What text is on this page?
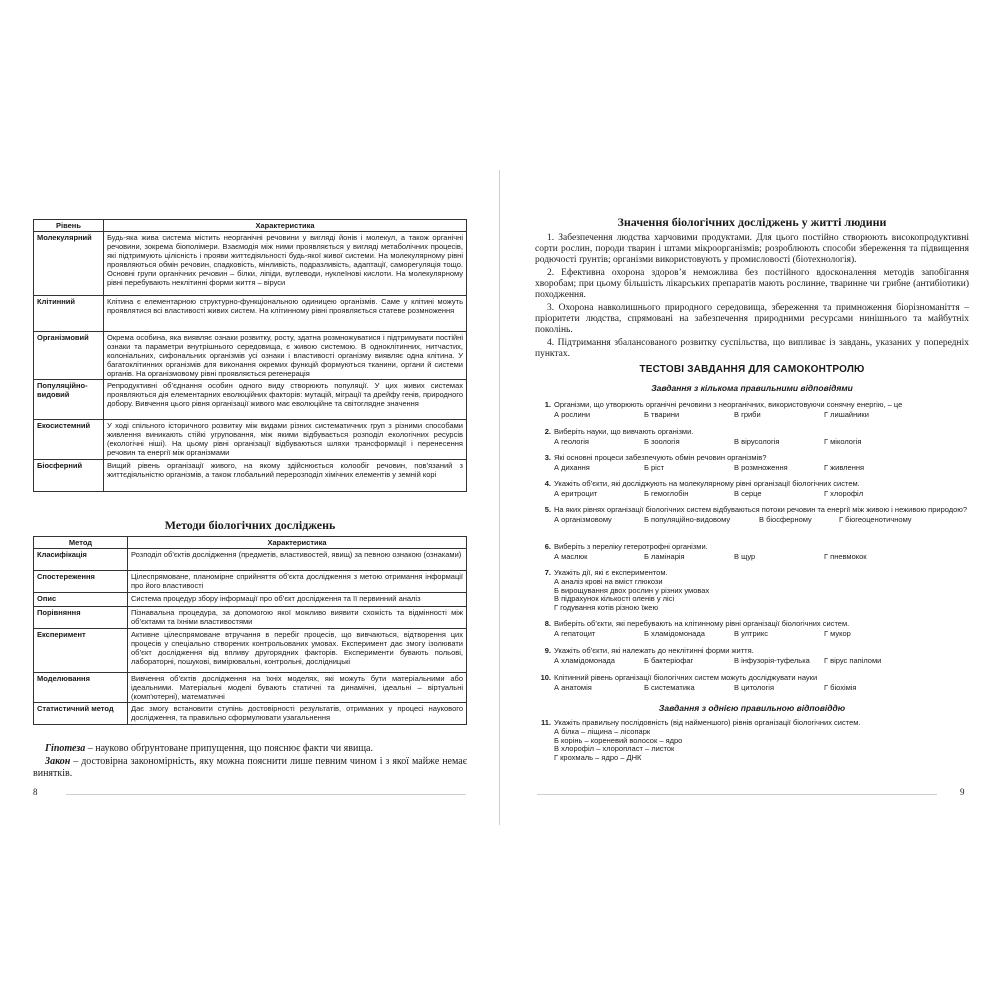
Рівень	Характеристика
Молекулярний	Будь-яка жива система містить неорганічні речовини у вигляді йонів і молекул, а також органічні речовини, зокрема біополімери. Взаємодія між ними проявляється у вигляді метаболічних процесів, які підтримують цілісність і прояви життєдіяльності будь-якої живої системи. На молекулярному рівні проявляються обмін речовин, спадковість, мінливість, подразливість, адаптації, саморегуляція тощо. Основні групи органічних речовин – білки, ліпіди, вуглеводи, нуклеїнові кислоти. На молекулярному рівні перебувають неклітинні форми життя – віруси
Клітинний	Клітина є елементарною структурно-функціональною одиницею організмів. Саме у клітині можуть проявлятися всі властивості живих систем. На клітинному рівні проявляється статеве розмноження
Організмовий	Окрема особина, яка виявляє ознаки розвитку, росту, здатна розмножуватися і підтримувати постійні ознаки та параметри внутрішнього середовища, є живою системою. В одноклітинних, нитчастих, колоніальних, сифональних організмів усі ознаки і властивості організму виявляє одна клітина. У багатоклітинних організмів для виконання окремих функцій формуються тканини, органи й системи органів. На організмовому рівні проявляється регенерація
Популяційно-видовий	Репродуктивні об’єднання особин одного виду створюють популяції. У цих живих системах проявляються дія елементарних еволюційних факторів: мутацій, міграції та дрейфу генів, природного добору. Вивчення цього рівня організації живого має еволюційне та світоглядне значення
Екосистемний	У ході спільного історичного розвитку між видами різних систематичних груп з різними способами живлення виникають стійкі угруповання, між якими відбувається розподіл екологічних ресурсів (екологічні ніші). На цьому рівні організації відбуваються шляхи трансформації і перенесення речовин та енергії між організмами
Біосферний	Вищий рівень організації живого, на якому здійснюється колообіг речовин, пов’язаний з життєдіяльністю організмів, а також глобальний перерозподіл хімічних елементів у земній корі
Методи біологічних досліджень
Метод	Характеристика
Класифікація	Розподіл об’єктів дослідження (предметів, властивостей, явищ) за певною ознакою (ознаками)
Спостереження	Цілеспрямоване, планомірне сприйняття об’єкта дослідження з метою отримання інформації про його властивості
Опис	Система процедур збору інформації про об’єкт дослідження та її первинний аналіз
Порівняння	Пізнавальна процедура, за допомогою якої можливо виявити схожість та відмінності між об’єктами та їхніми властивостями
Експеримент	Активне цілеспрямоване втручання в перебіг процесів, що вивчаються, відтворення цих процесів у спеціально створених контрольованих умовах. Експеримент дає змогу ізолювати об’єкт дослідження від впливу другорядних факторів. Експерименти бувають польові, лабораторні, пошукові, вимірювальні, контрольні, дослідницькі
Моделювання	Вивчення об’єктів дослідження на їхніх моделях, які можуть бути матеріальними або ідеальними. Матеріальні моделі бувають статичні та динамічні, ідеальні – віртуальні (комп’ютерні), математичні
Статистичний метод	Дає змогу встановити ступінь достовірності результатів, отриманих у процесі наукового дослідження, та правильно сформулювати узагальнення

Гіпотеза – науково обґрунтоване припущення, що пояснює факти чи явища.

Закон – достовірна закономірність, яку можна пояснити лише певним чином і з якої майже немає винятків.

8
Значення біологічних досліджень у житті людини

1. Забезпечення людства харчовими продуктами. Для цього постійно створюють високопродуктивні сорти рослин, породи тварин і штами мікроорганізмів; розроблюють способи збереження та підвищення родючості ґрунтів; організми використовують у промисловості (біотехнологія).

2. Ефективна охорона здоров’я неможлива без постійного вдосконалення методів запобігання хворобам; при цьому більшість лікарських препаратів мають рослинне, тваринне чи грибне (антибіотики) походження.

3. Охорона навколишнього природного середовища, збереження та примноження біорізноманіття – пріоритети людства, спрямовані на забезпечення природними ресурсами нинішнього та майбутніх поколінь.

4. Підтримання збалансованого розвитку суспільства, що випливає із завдань, указаних у попередніх пунктах.

ТЕСТОВІ ЗАВДАННЯ ДЛЯ САМОКОНТРОЛЮ
Завдання з кількома правильними відповідями
1. Організми, що утворюють органічні речовини з неорганічних, використовуючи сонячну енергію, – це
А рослини	Б тварини	В гриби	Г лишайники
2. Виберіть науки, що вивчають організми.
А геологія	Б зоологія	В вірусологія	Г мікологія
3. Які основні процеси забезпечують обмін речовин організмів?
А дихання	Б ріст	В розмноження	Г живлення
4. Укажіть об’єкти, які досліджують на молекулярному рівні організації біологічних систем.
А еритроцит	Б гемоглобін	В серце	Г хлорофіл
5. На яких рівнях організації біологічних систем відбуваються потоки речовин та енергії між живою і неживою природою?
А організмовому	Б популяційно-видовому	В біосферному	Г біогеоценотичному
6. Виберіть з переліку гетеротрофні організми.
А мaслюк	Б ламінарія	В щур	Г пневмокок
7. Укажіть дії, які є експериментом.
А аналіз крові на вміст глюкози
Б вирощування двох рослин у різних умовах
В підрахунок кількості оленів у лісі
Г годування котів різною їжею
8. Виберіть об’єкти, які перебувають на клітинному рівні організації біологічних систем.
А гепатоцит	Б хламідомонада	В ултрикс	Г мукор
9. Укажіть об’єкти, які належать до неклітинні форми життя.
А хламідомонада	Б бактеріофаг	В інфузорія-туфелька Г вірус папіломи
10. Клітинний рівень організації біологічних систем можуть досліджувати науки
А анатомія	Б систематика	В цитологія	Г біохімія
Завдання з однією правильною відповіддю
11. Укажіть правильну послідовність (від найменшого) рівнів організації біологічних систем.
А білка – ліщина – лісопарк
Б корінь – кореневий волосок – ядро
В хлорофіл – хлоропласт – листок
Г крохмаль – ядро – ДНК
9
